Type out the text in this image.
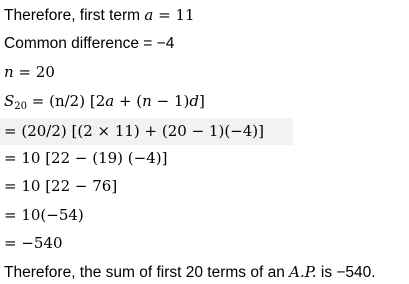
Therefore, first term a = 11
Common difference = −4
n = 20
$S_{20} = (n/2) [2a + (n - 1)d]$
= (20/2) [(2 × 11) + (20 − 1)(−4)]
= 10 [22 − (19) (−4)]
= 10 [22 − 76]
= 10(−54)
= −540
Therefore, the sum of first 20 terms of an A.P. is −540.
